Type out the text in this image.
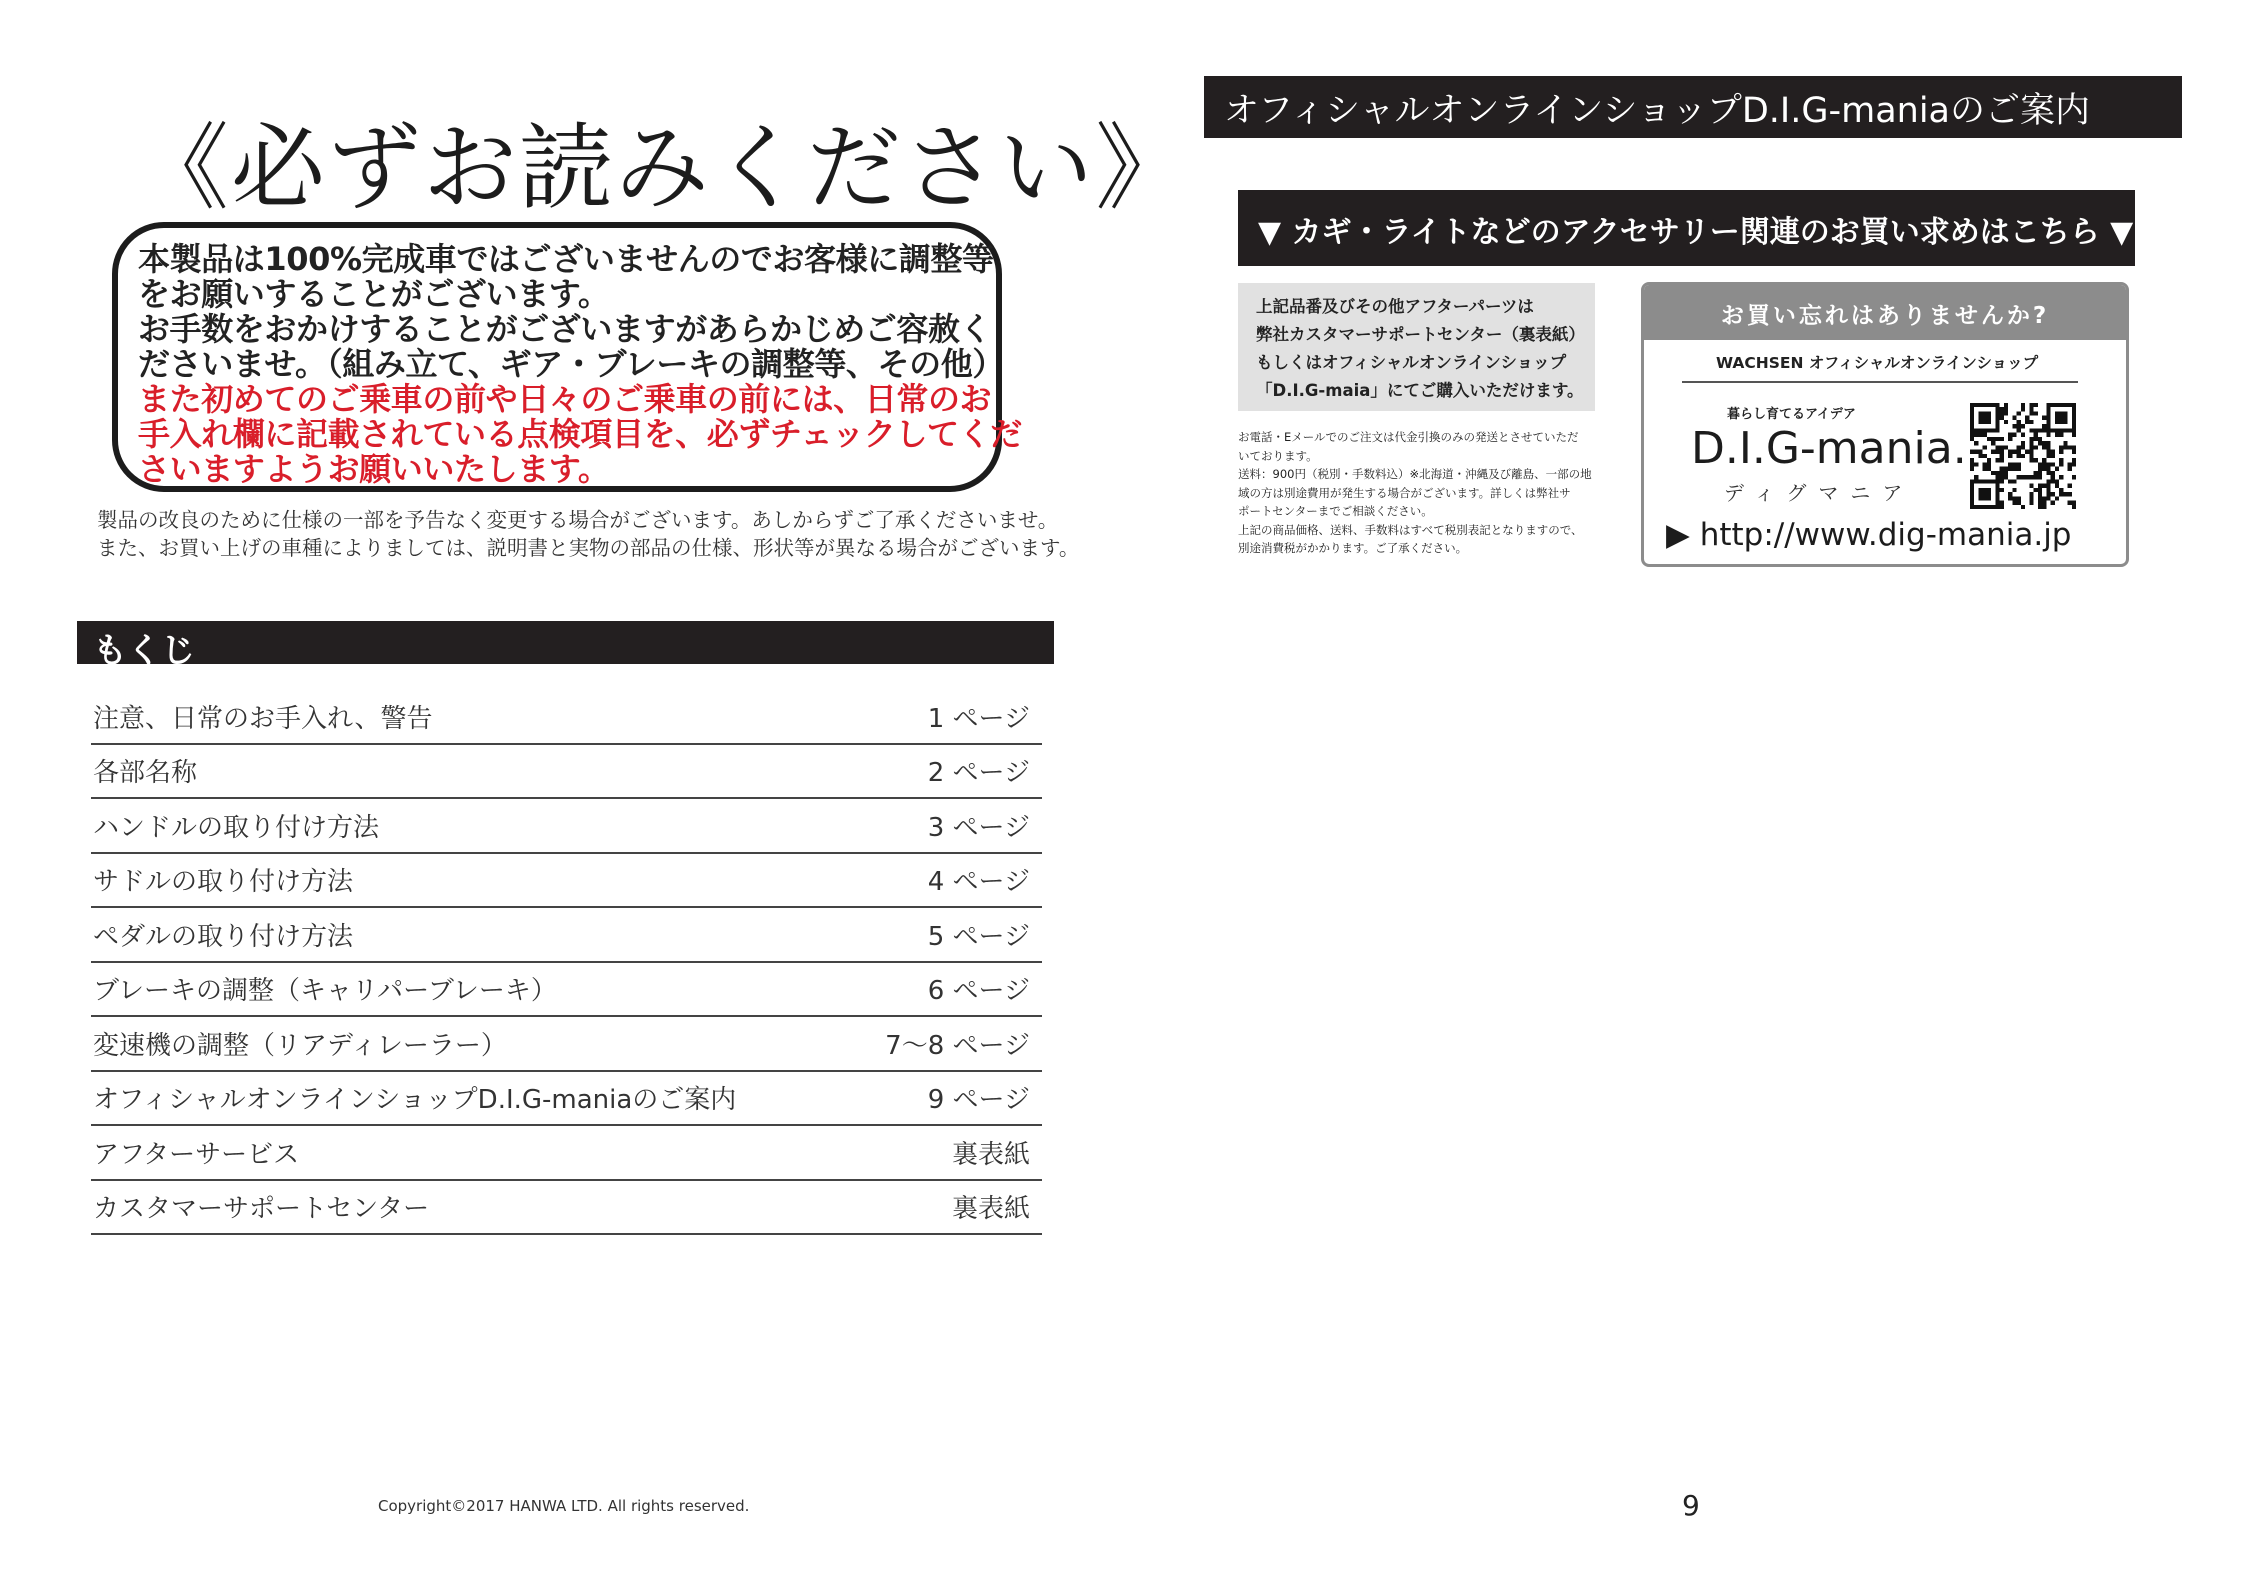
《必ずお読みください》
本製品は100%完成車ではございませんのでお客様に調整等
をお願いすることがございます。
お手数をおかけすることがございますがあらかじめご容赦く
ださいませ。（組み立て、ギア・ブレーキの調整等、その他）
また初めてのご乗車の前や日々のご乗車の前には、日常のお
手入れ欄に記載されている点検項目を、必ずチェックしてくだ
さいますようお願いいたします。
製品の改良のために仕様の一部を予告なく変更する場合がございます。あしからずご了承くださいませ。
また、お買い上げの車種によりましては、説明書と実物の部品の仕様、形状等が異なる場合がございます。
もくじ
注意、日常のお手入れ、警告	1 ページ
各部名称	2 ページ
ハンドルの取り付け方法	3 ページ
サドルの取り付け方法	4 ページ
ペダルの取り付け方法	5 ページ
ブレーキの調整（キャリパーブレーキ）	6 ページ
変速機の調整（リアディレーラー）	7〜8 ページ
オフィシャルオンラインショップD.I.G-maniaのご案内	9 ページ
アフターサービス	裏表紙
カスタマーサポートセンター	裏表紙
Copyright©2017 HANWA LTD. All rights reserved.
オフィシャルオンラインショップD.I.G-maniaのご案内
▼ カギ・ライトなどのアクセサリー関連のお買い求めはこちら ▼
上記品番及びその他アフターパーツは
弊社カスタマーサポートセンター（裏表紙）
もしくはオフィシャルオンラインショップ
「D.I.G-maia」にてご購入いただけます。
お電話・Eメールでのご注文は代金引換のみの発送とさせていただ
いております。
送料：900円（税別・手数料込）※北海道・沖縄及び離島、一部の地
域の方は別途費用が発生する場合がございます。詳しくは弊社サ
ポートセンターまでご相談ください。
上記の商品価格、送料、手数料はすべて税別表記となりますので、
別途消費税がかかります。ご了承ください。
お買い忘れはありませんか?
WACHSEN オフィシャルオンラインショップ
暮らし育てるアイデア
D.I.G-mania.
ディグマニア
▶ http://www.dig-mania.jp
9
